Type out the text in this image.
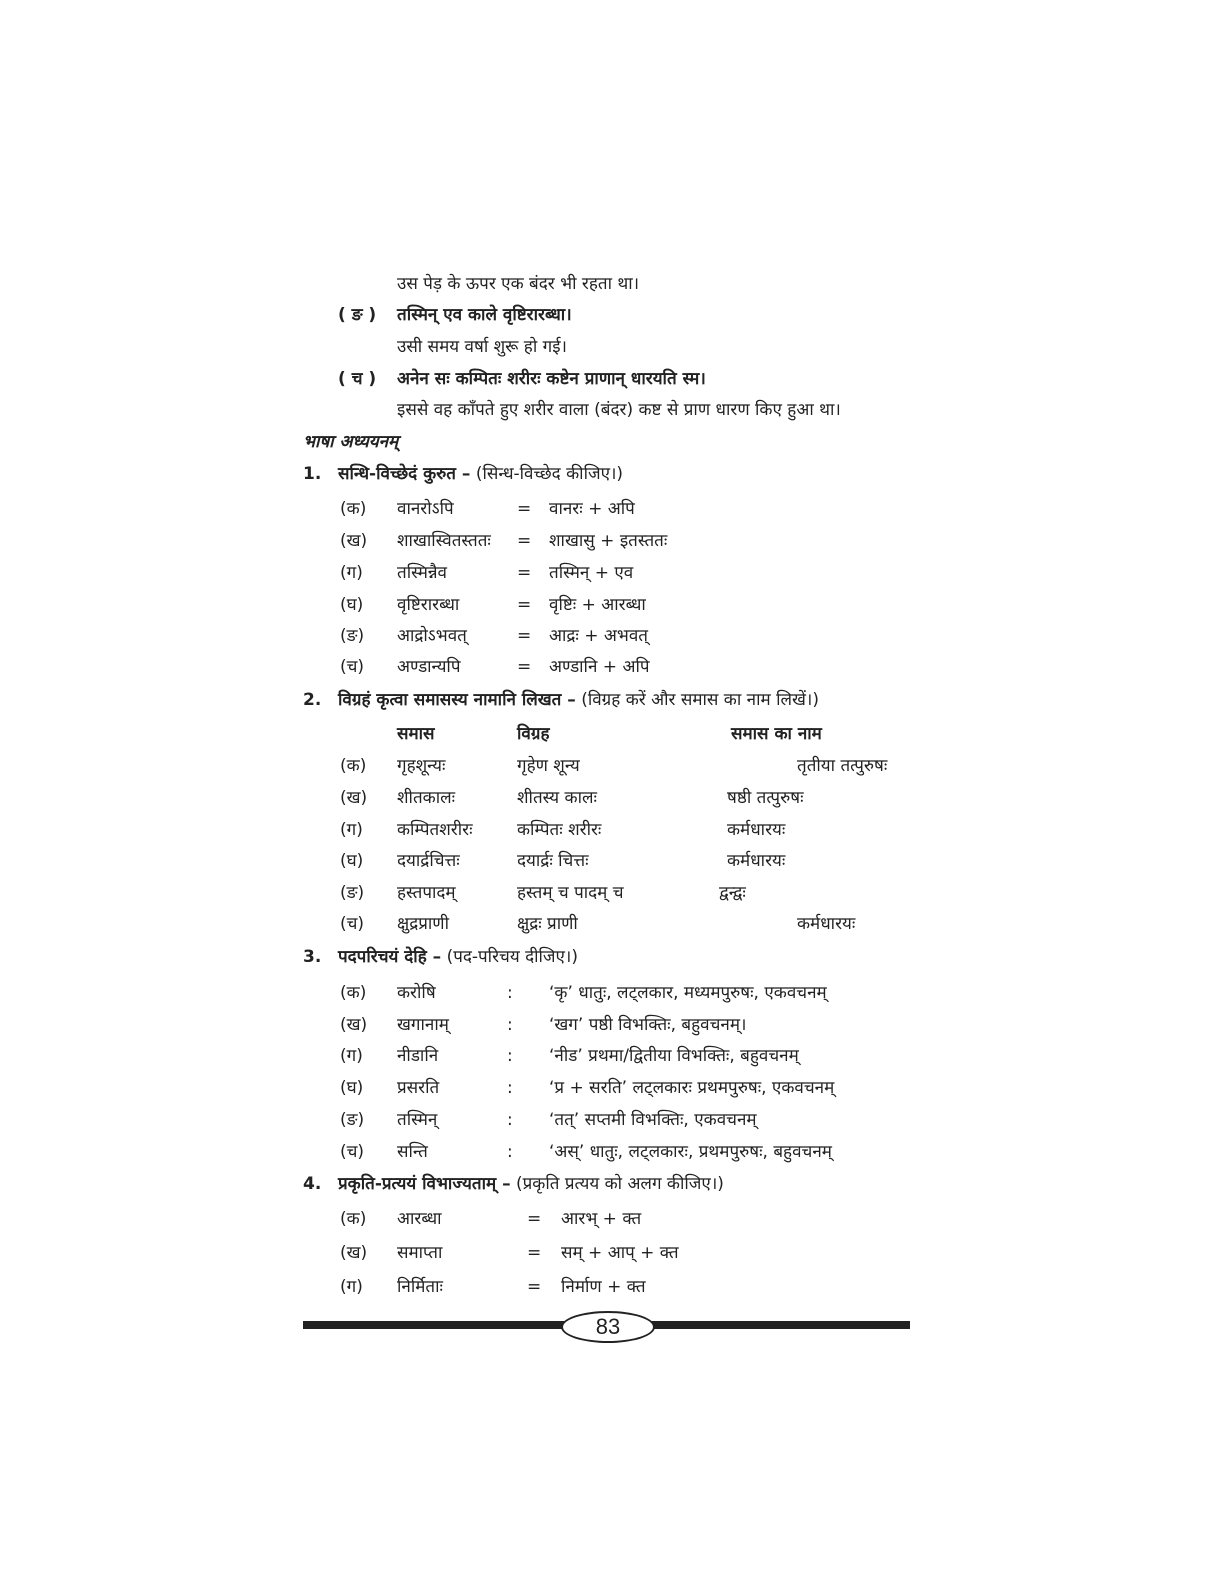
उस पेड़ के ऊपर एक बंदर भी रहता था।
( ङ ) तस्मिन् एव काले वृष्टिरारब्धा।
उसी समय वर्षा शुरू हो गई।
( च ) अनेन सः कम्पितः शरीरः कष्टेन प्राणान् धारयति स्म।
इससे वह काँपते हुए शरीर वाला (बंदर) कष्ट से प्राण धारण किए हुआ था।
भाषा अध्ययनम्
1. सन्धि-विच्छेदं कुरुत – (सिन्ध-विच्छेद कीजिए।)
(क) वानरोऽपि	= वानरः + अपि
(ख) शाखास्वितस्ततः = शाखासु + इतस्ततः
(ग) तस्मिन्नैव	= तस्मिन् + एव
(घ) वृष्टिरारब्धा	= वृष्टिः + आरब्धा
(ङ) आद्रोऽभवत्	= आद्रः + अभवत्
(च) अण्डान्यपि	= अण्डानि + अपि
2. विग्रहं कृत्वा समासस्य नामानि लिखत – (विग्रह करें और समास का नाम लिखें।)
समास	विग्रह	समास का नाम
(क) गृहशून्यः	गृहेण शून्य	तृतीया तत्पुरुषः
(ख) शीतकालः	शीतस्य कालः	षष्ठी तत्पुरुषः
(ग) कम्पितशरीरः	कम्पितः शरीरः	कर्मधारयः
(घ) दयार्द्रचित्तः	दयार्द्रः चित्तः	कर्मधारयः
(ङ) हस्तपादम्	हस्तम् च पादम् च	द्वन्द्वः
(च) क्षुद्रप्राणी	क्षुद्रः प्राणी	कर्मधारयः
3. पदपरिचयं देहि – (पद-परिचय दीजिए।)
(क) करोषि	: ‘कृ’ धातुः, लट्लकार, मध्यमपुरुषः, एकवचनम्
(ख) खगानाम्	: ‘खग’ पष्ठी विभक्तिः, बहुवचनम्।
(ग) नीडानि	: ‘नीड’ प्रथमा/द्वितीया विभक्तिः, बहुवचनम्
(घ) प्रसरति	: ‘प्र + सरति’ लट्लकारः प्रथमपुरुषः, एकवचनम्
(ङ) तस्मिन्	: ‘तत्’ सप्तमी विभक्तिः, एकवचनम्
(च) सन्ति	: ‘अस्’ धातुः, लट्लकारः, प्रथमपुरुषः, बहुवचनम्
4. प्रकृति-प्रत्ययं विभाज्यताम् – (प्रकृति प्रत्यय को अलग कीजिए।)
(क) आरब्धा	= आरभ् + क्त
(ख) समाप्ता	= सम् + आप् + क्त
(ग) निर्मिताः	= निर्माण + क्त
83
